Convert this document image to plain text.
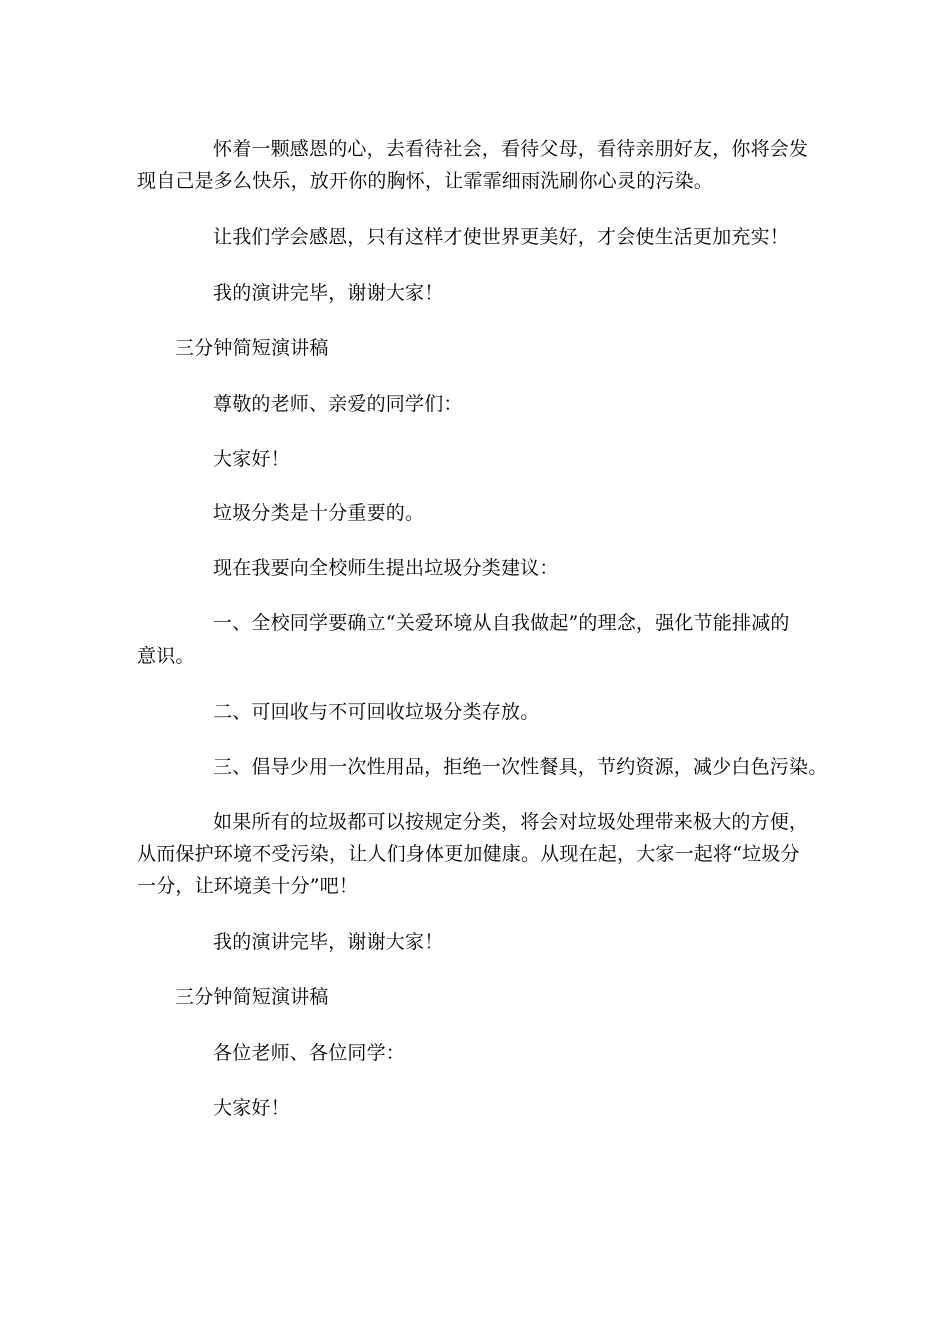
怀着一颗感恩的心，去看待社会，看待父母，看待亲朋好友，你将会发
现自己是多么快乐，放开你的胸怀，让霏霏细雨洗刷你心灵的污染。
让我们学会感恩，只有这样才使世界更美好，才会使生活更加充实！
我的演讲完毕，谢谢大家！
三分钟简短演讲稿
尊敬的老师、亲爱的同学们：
大家好！
垃圾分类是十分重要的。
现在我要向全校师生提出垃圾分类建议：
一、全校同学要确立“关爱环境从自我做起”的理念，强化节能排减的
意识。
二、可回收与不可回收垃圾分类存放。
三、倡导少用一次性用品，拒绝一次性餐具，节约资源，减少白色污染。
如果所有的垃圾都可以按规定分类，将会对垃圾处理带来极大的方便，
从而保护环境不受污染，让人们身体更加健康。从现在起，大家一起将“垃圾分
一分，让环境美十分”吧！
我的演讲完毕，谢谢大家！
三分钟简短演讲稿
各位老师、各位同学：
大家好！
